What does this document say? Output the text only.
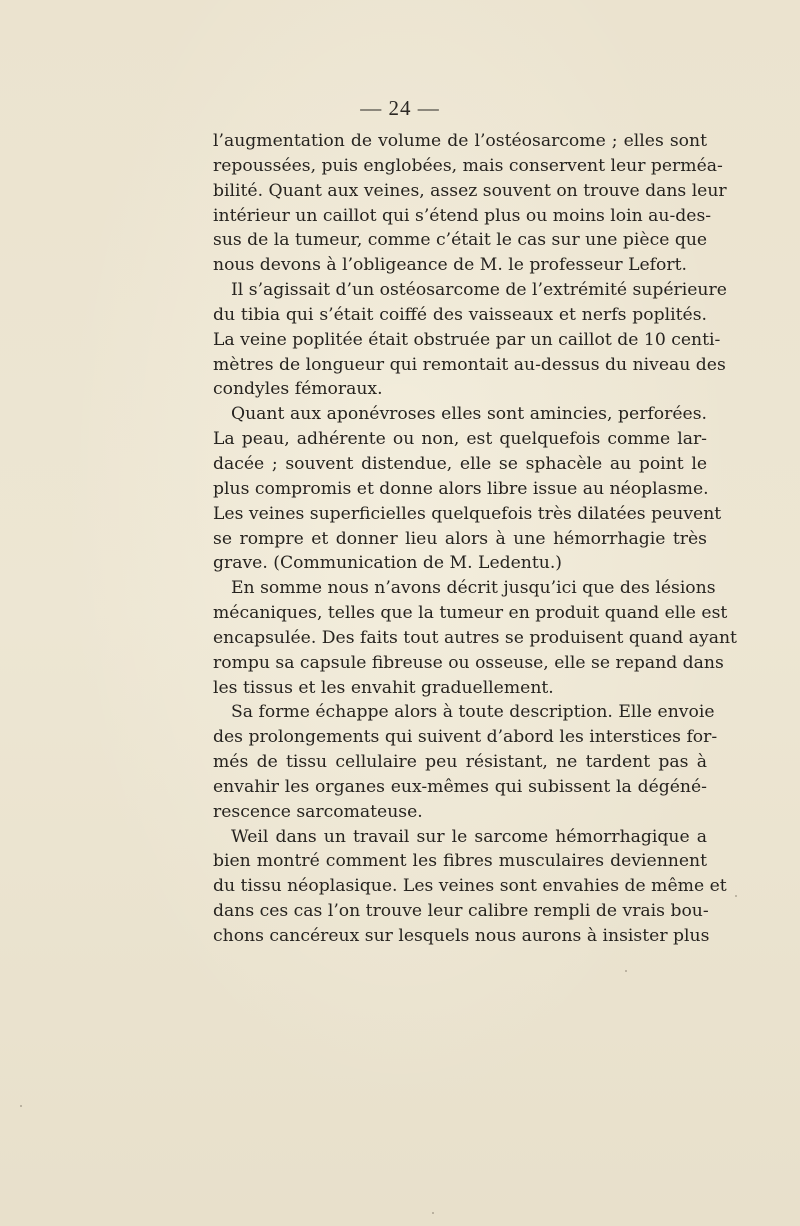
— 24 —
l’augmentation de volume de l’ostéosarcome ; elles sont
repoussées, puis englobées, mais conservent leur perméa-
bilité. Quant aux veines, assez souvent on trouve dans leur
intérieur un caillot qui s’étend plus ou moins loin au-des-
sus de la tumeur, comme c’était le cas sur une pièce que
nous devons à l’obligeance de M. le professeur Lefort.
Il s’agissait d’un ostéosarcome de l’extrémité supérieure
du tibia qui s’était coiffé des vaisseaux et nerfs poplités.
La veine poplitée était obstruée par un caillot de 10 centi-
mètres de longueur qui remontait au-dessus du niveau des
condyles fémoraux.
Quant aux aponévroses elles sont amincies, perforées.
La peau, adhérente ou non, est quelquefois comme lar-
dacée ; souvent distendue, elle se sphacèle au point le
plus compromis et donne alors libre issue au néoplasme.
Les veines superficielles quelquefois très dilatées peuvent
se rompre et donner lieu alors à une hémorrhagie très
grave. (Communication de M. Ledentu.)
En somme nous n’avons décrit jusqu’ici que des lésions
mécaniques, telles que la tumeur en produit quand elle est
encapsulée. Des faits tout autres se produisent quand ayant
rompu sa capsule fibreuse ou osseuse, elle se repand dans
les tissus et les envahit graduellement.
Sa forme échappe alors à toute description. Elle envoie
des prolongements qui suivent d’abord les interstices for-
més de tissu cellulaire peu résistant, ne tardent pas à
envahir les organes eux-mêmes qui subissent la dégéné-
rescence sarcomateuse.
Weil dans un travail sur le sarcome hémorrhagique a
bien montré comment les fibres musculaires deviennent
du tissu néoplasique. Les veines sont envahies de même et
dans ces cas l’on trouve leur calibre rempli de vrais bou-
chons cancéreux sur lesquels nous aurons à insister plus
